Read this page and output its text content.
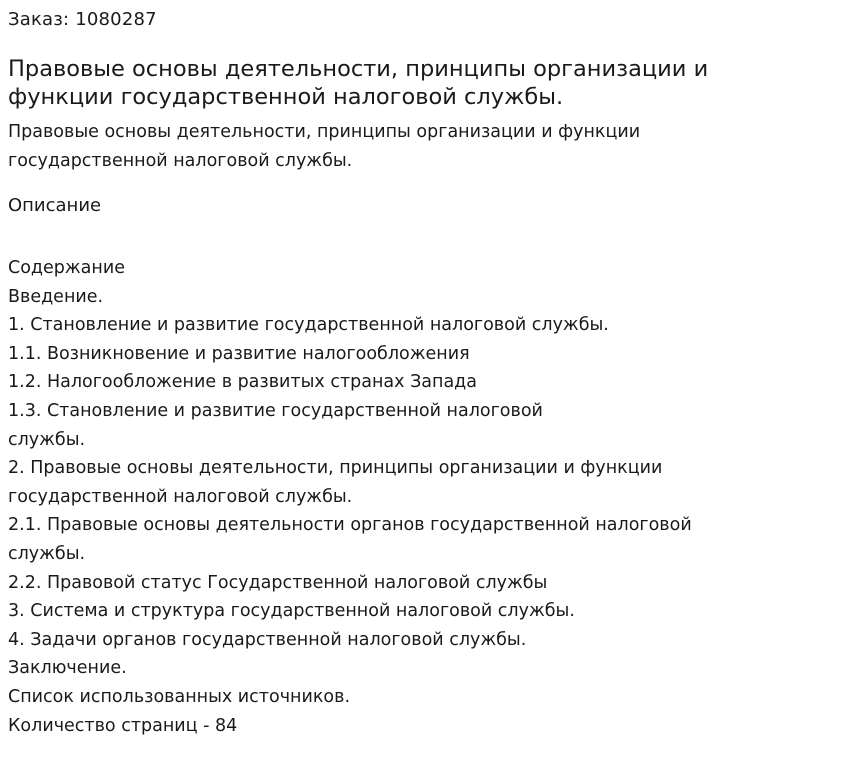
Заказ: 1080287

Правовые основы деятельности, принципы организации и функции государственной налоговой службы.

Правовые основы деятельности, принципы организации и функции государственной налоговой службы.

Описание
Содержание
Введение.
1. Становление и развитие государственной налоговой службы.
1.1. Возникновение и развитие налогообложения
1.2. Налогообложение в развитых странах Запада
1.3. Становление и развитие государственной налоговой
службы.
2. Правовые основы деятельности, принципы организации и функции
государственной налоговой службы.
2.1. Правовые основы деятельности органов государственной налоговой
службы.
2.2. Правовой статус Государственной налоговой службы
3. Система и структура государственной налоговой службы.
4. Задачи органов государственной налоговой службы.
Заключение.
Список использованных источников.
Количество страниц - 84
